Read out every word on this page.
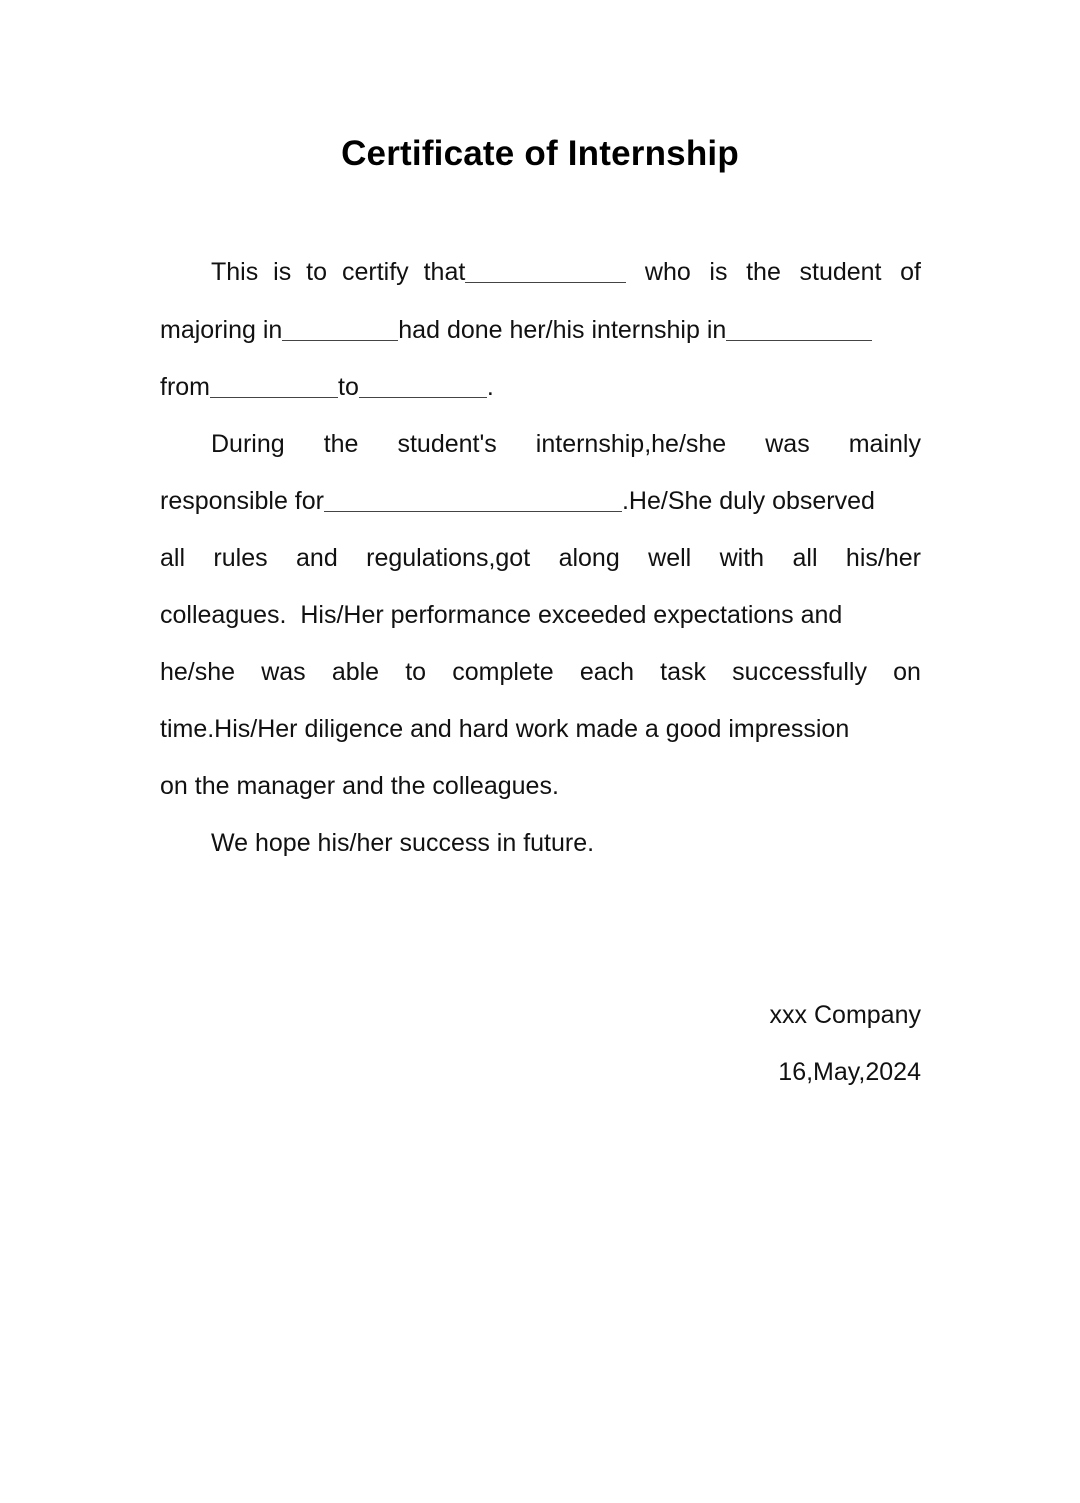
Certificate of Internship
This is to certify that	who is the student of
majoring in	had done her/his internship in
from	to	.
During the student's internship,he/she was mainly
responsible for	.He/She duly observed
all rules and regulations,got along well with all his/her
colleagues.  His/Her performance exceeded expectations and
he/she was able to complete each task successfully on
time.His/Her diligence and hard work made a good impression
on the manager and the colleagues.
We hope his/her success in future.
xxx Company
16,May,2024
